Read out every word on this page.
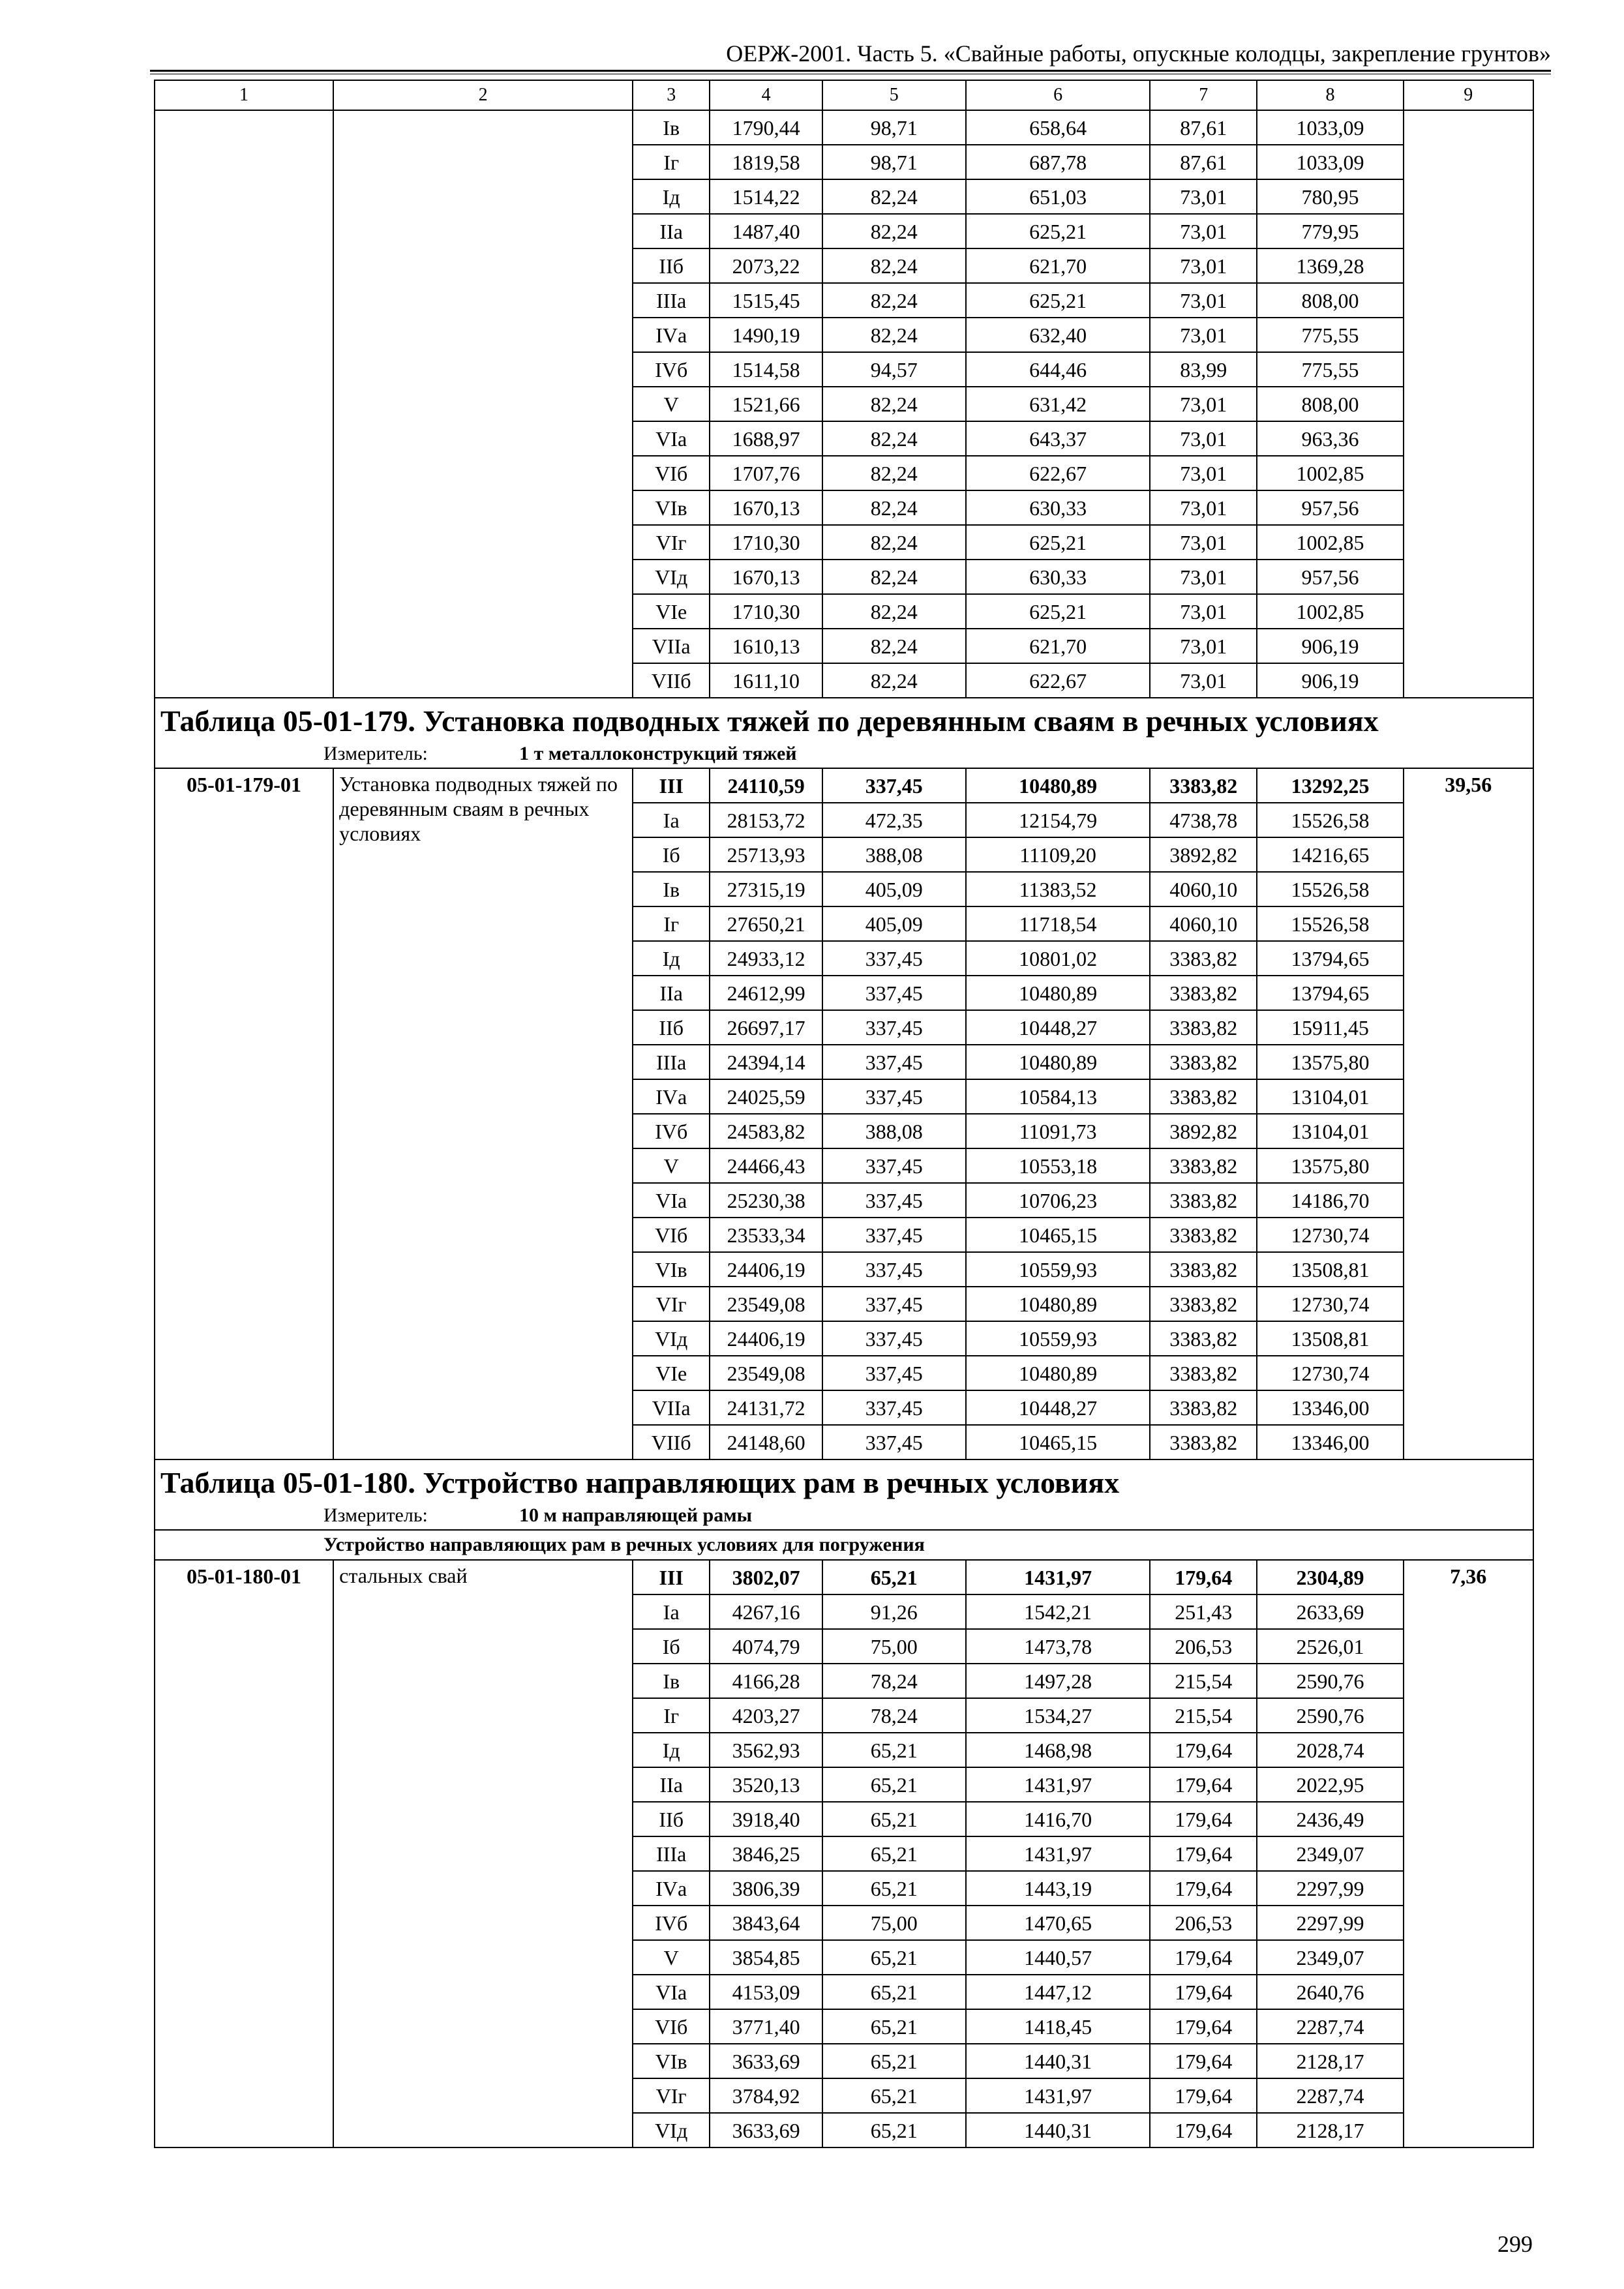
ОЕРЖ-2001. Часть 5. «Свайные работы, опускные колодцы, закрепление грунтов»
1	2	3	4	5	6	7	8	9
		Iв	1790,44	98,71	658,64	87,61	1033,09	
		Iг	1819,58	98,71	687,78	87,61	1033,09	
		Iд	1514,22	82,24	651,03	73,01	780,95	
		IIа	1487,40	82,24	625,21	73,01	779,95	
		IIб	2073,22	82,24	621,70	73,01	1369,28	
		IIIа	1515,45	82,24	625,21	73,01	808,00	
		IVа	1490,19	82,24	632,40	73,01	775,55	
		IVб	1514,58	94,57	644,46	83,99	775,55	
		V	1521,66	82,24	631,42	73,01	808,00	
		VIа	1688,97	82,24	643,37	73,01	963,36	
		VIб	1707,76	82,24	622,67	73,01	1002,85	
		VIв	1670,13	82,24	630,33	73,01	957,56	
		VIг	1710,30	82,24	625,21	73,01	1002,85	
		VIд	1670,13	82,24	630,33	73,01	957,56	
		VIе	1710,30	82,24	625,21	73,01	1002,85	
		VIIа	1610,13	82,24	621,70	73,01	906,19	
		VIIб	1611,10	82,24	622,67	73,01	906,19	

Таблица 05-01-179. Установка подводных тяжей по деревянным сваям в речных условиях
Измеритель: 1 т металлоконструкций тяжей								

05-01-179-01	Установка подводных тяжей по деревянным сваям в речных условиях	III	24110,59	337,45	10480,89	3383,82	13292,25	39,56
		Iа	28153,72	472,35	12154,79	4738,78	15526,58	
		Iб	25713,93	388,08	11109,20	3892,82	14216,65	
		Iв	27315,19	405,09	11383,52	4060,10	15526,58	
		Iг	27650,21	405,09	11718,54	4060,10	15526,58	
		Iд	24933,12	337,45	10801,02	3383,82	13794,65	
		IIа	24612,99	337,45	10480,89	3383,82	13794,65	
		IIб	26697,17	337,45	10448,27	3383,82	15911,45	
		IIIа	24394,14	337,45	10480,89	3383,82	13575,80	
		IVа	24025,59	337,45	10584,13	3383,82	13104,01	
		IVб	24583,82	388,08	11091,73	3892,82	13104,01	
		V	24466,43	337,45	10553,18	3383,82	13575,80	
		VIа	25230,38	337,45	10706,23	3383,82	14186,70	
		VIб	23533,34	337,45	10465,15	3383,82	12730,74	
		VIв	24406,19	337,45	10559,93	3383,82	13508,81	
		VIг	23549,08	337,45	10480,89	3383,82	12730,74	
		VIд	24406,19	337,45	10559,93	3383,82	13508,81	
		VIе	23549,08	337,45	10480,89	3383,82	12730,74	
		VIIа	24131,72	337,45	10448,27	3383,82	13346,00	
		VIIб	24148,60	337,45	10465,15	3383,82	13346,00	

Таблица 05-01-180. Устройство направляющих рам в речных условиях
Измеритель: 10 м направляющей рамы								

Устройство направляющих рам в речных условиях для погружения								
05-01-180-01	стальных свай	III	3802,07	65,21	1431,97	179,64	2304,89	7,36
		Iа	4267,16	91,26	1542,21	251,43	2633,69	
		Iб	4074,79	75,00	1473,78	206,53	2526,01	
		Iв	4166,28	78,24	1497,28	215,54	2590,76	
		Iг	4203,27	78,24	1534,27	215,54	2590,76	
		Iд	3562,93	65,21	1468,98	179,64	2028,74	
		IIа	3520,13	65,21	1431,97	179,64	2022,95	
		IIб	3918,40	65,21	1416,70	179,64	2436,49	
		IIIа	3846,25	65,21	1431,97	179,64	2349,07	
		IVа	3806,39	65,21	1443,19	179,64	2297,99	
		IVб	3843,64	75,00	1470,65	206,53	2297,99	
		V	3854,85	65,21	1440,57	179,64	2349,07	
		VIа	4153,09	65,21	1447,12	179,64	2640,76	
		VIб	3771,40	65,21	1418,45	179,64	2287,74	
		VIв	3633,69	65,21	1440,31	179,64	2128,17	
		VIг	3784,92	65,21	1431,97	179,64	2287,74	
		VIд	3633,69	65,21	1440,31	179,64	2128,17	
299
